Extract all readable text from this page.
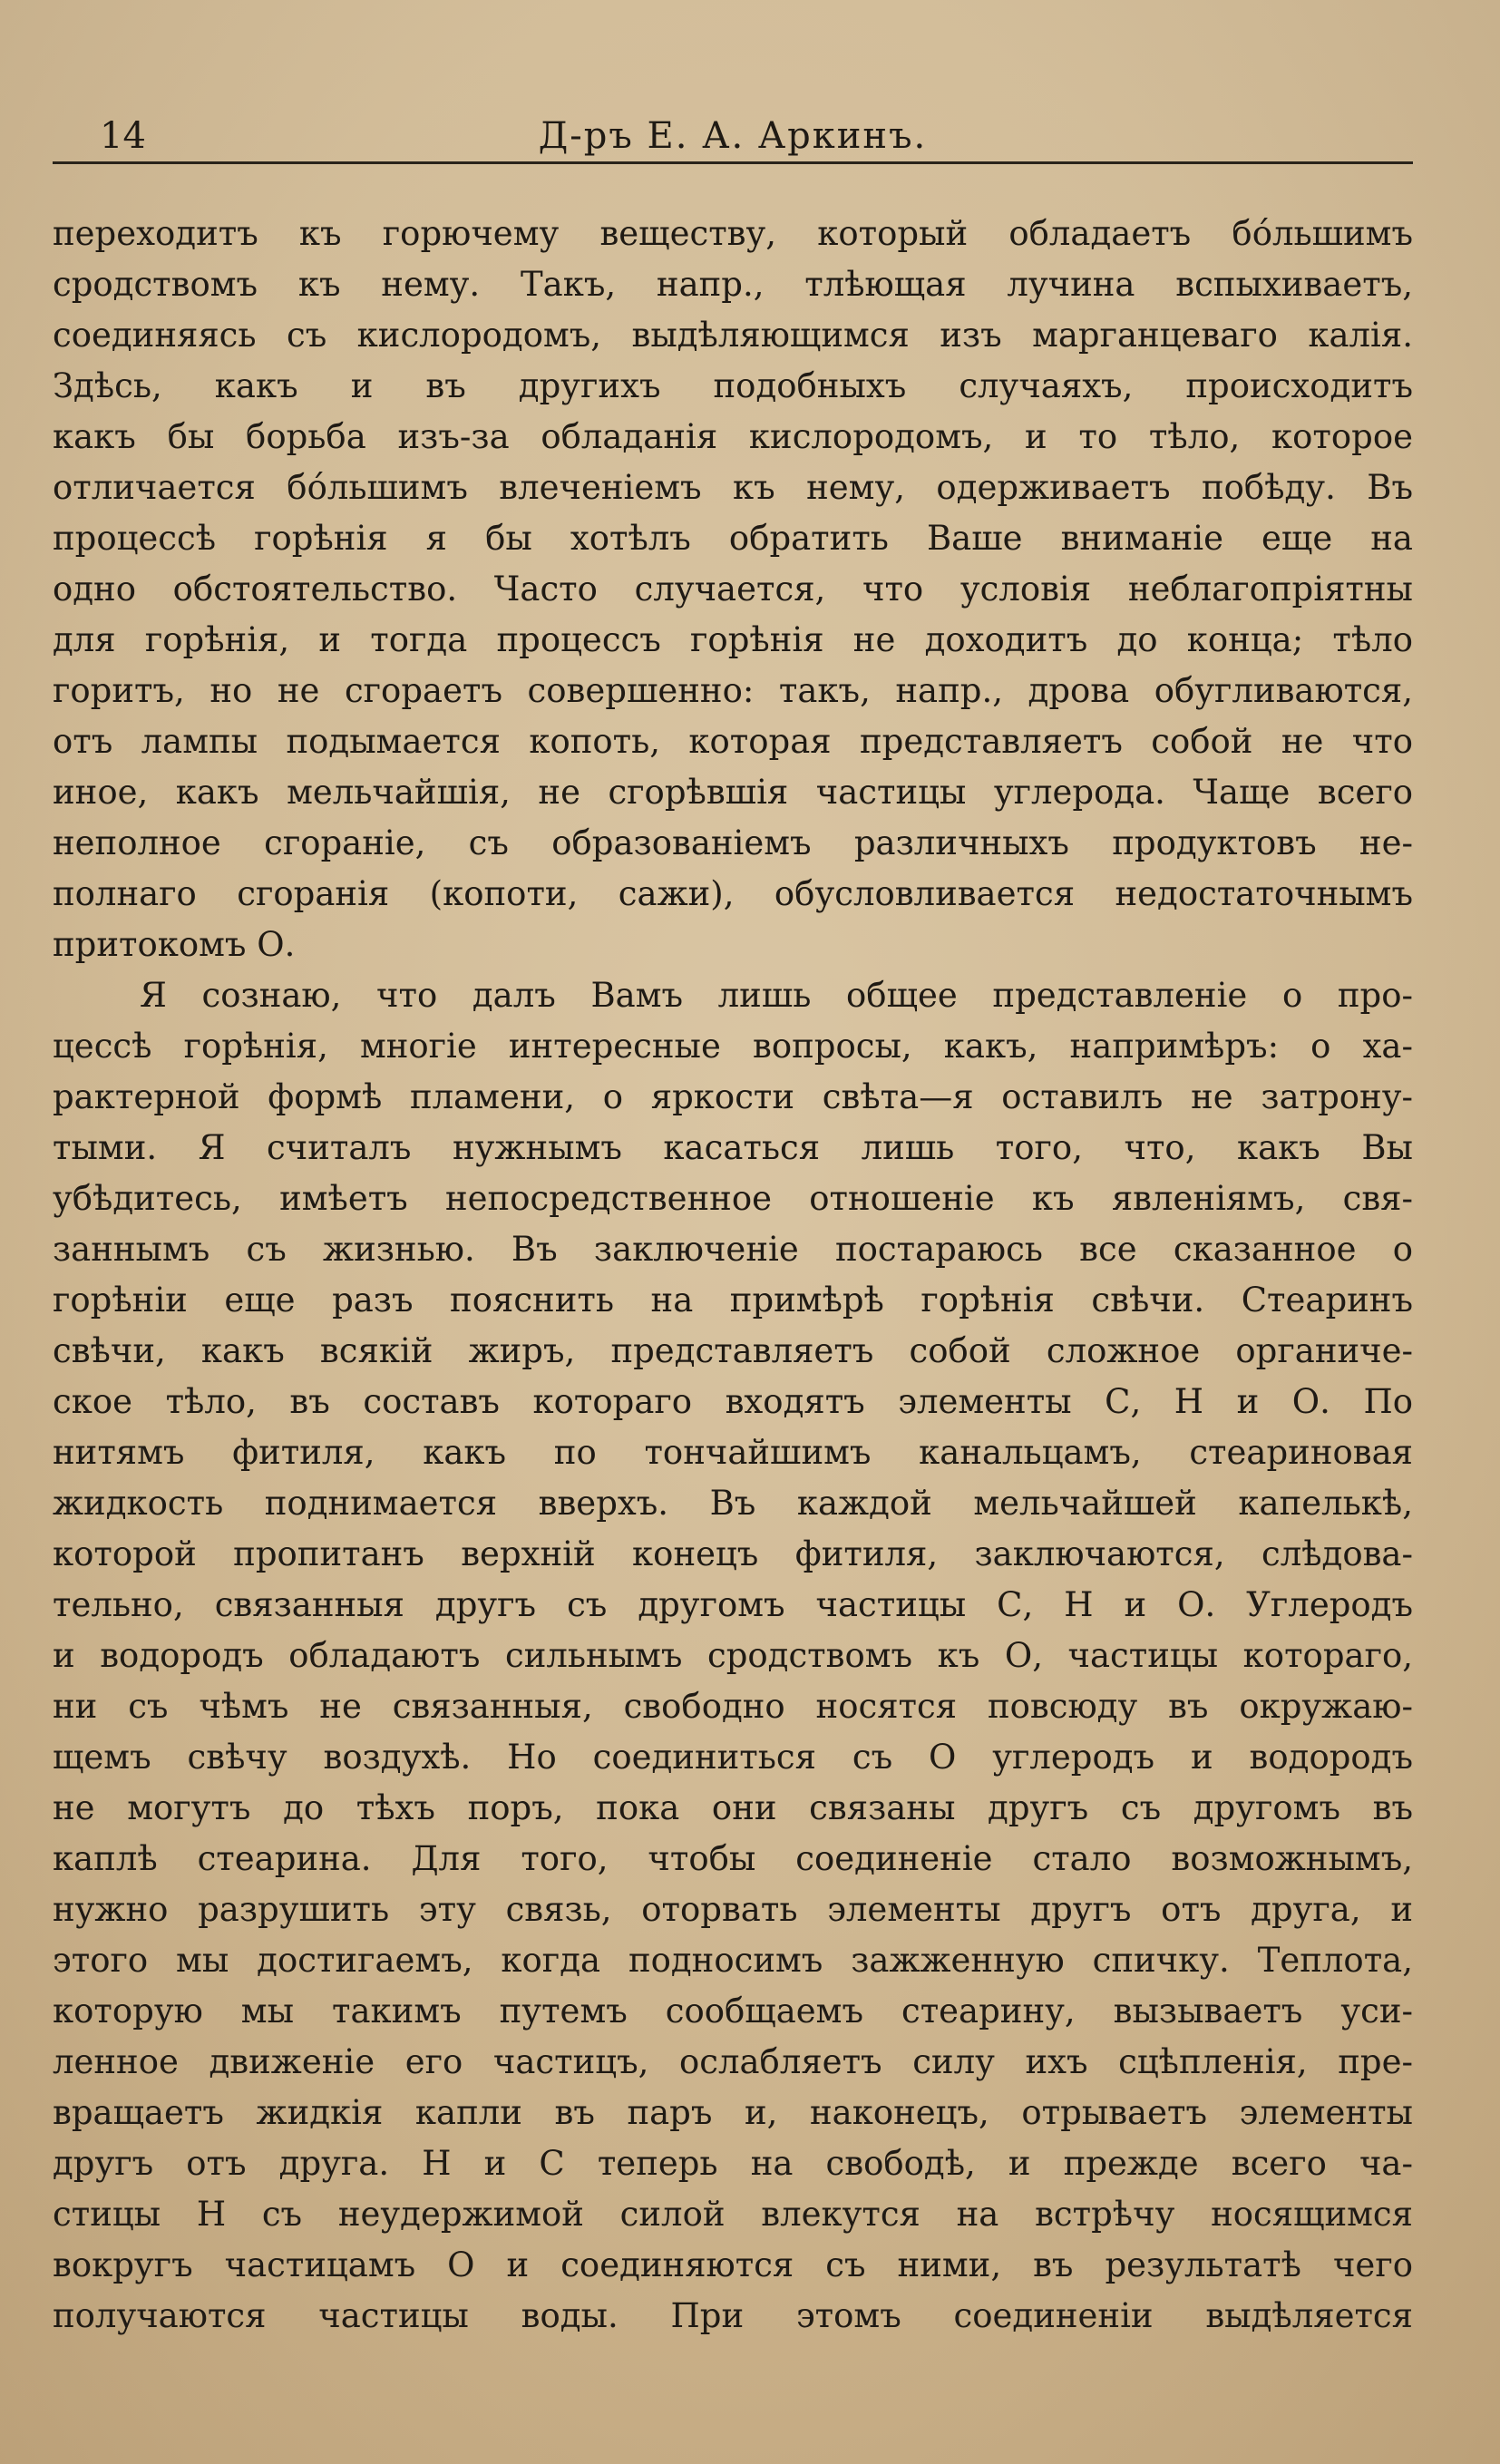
14	Д-ръ Е. А. Аркинъ.
переходитъ къ горючему веществу, который обладаетъ бо́льшимъ
сродствомъ къ нему. Такъ, напр., тлѣющая лучина вспыхиваетъ,
соединяясь съ кислородомъ, выдѣляющимся изъ марганцеваго калія.
Здѣсь, какъ и въ другихъ подобныхъ случаяхъ, происходитъ
какъ бы борьба изъ-за обладанія кислородомъ, и то тѣло, которое
отличается бо́льшимъ влеченіемъ къ нему, одерживаетъ побѣду. Въ
процессѣ горѣнія я бы хотѣлъ обратить Ваше вниманіе еще на
одно обстоятельство. Часто случается, что условія неблагопріятны
для горѣнія, и тогда процессъ горѣнія не доходитъ до конца; тѣло
горитъ, но не сгораетъ совершенно: такъ, напр., дрова обугливаются,
отъ лампы подымается копоть, которая представляетъ собой не что
иное, какъ мельчайшія, не сгорѣвшія частицы углерода. Чаще всего
неполное сгораніе, съ образованіемъ различныхъ продуктовъ не-
полнаго сгоранія (копоти, сажи), обусловливается недостаточнымъ
притокомъ О.
Я сознаю, что далъ Вамъ лишь общее представленіе о про-
цессѣ горѣнія, многіе интересные вопросы, какъ, напримѣръ: о ха-
рактерной формѣ пламени, о яркости свѣта—я оставилъ не затрону-
тыми. Я считалъ нужнымъ касаться лишь того, что, какъ Вы
убѣдитесь, имѣетъ непосредственное отношеніе къ явленіямъ, свя-
заннымъ съ жизнью. Въ заключеніе постараюсь все сказанное о
горѣніи еще разъ пояснить на примѣрѣ горѣнія свѣчи. Стеаринъ
свѣчи, какъ всякій жиръ, представляетъ собой сложное органиче-
ское тѣло, въ составъ котораго входятъ элементы С, Н и О. По
нитямъ фитиля, какъ по тончайшимъ канальцамъ, стеариновая
жидкость поднимается вверхъ. Въ каждой мельчайшей капелькѣ,
которой пропитанъ верхній конецъ фитиля, заключаются, слѣдова-
тельно, связанныя другъ съ другомъ частицы С, Н и О. Углеродъ
и водородъ обладаютъ сильнымъ сродствомъ къ О, частицы котораго,
ни съ чѣмъ не связанныя, свободно носятся повсюду въ окружаю-
щемъ свѣчу воздухѣ. Но соединиться съ О углеродъ и водородъ
не могутъ до тѣхъ поръ, пока они связаны другъ съ другомъ въ
каплѣ стеарина. Для того, чтобы соединеніе стало возможнымъ,
нужно разрушить эту связь, оторвать элементы другъ отъ друга, и
этого мы достигаемъ, когда подносимъ зажженную спичку. Теплота,
которую мы такимъ путемъ сообщаемъ стеарину, вызываетъ уси-
ленное движеніе его частицъ, ослабляетъ силу ихъ сцѣпленія, пре-
вращаетъ жидкія капли въ паръ и, наконецъ, отрываетъ элементы
другъ отъ друга. Н и С теперь на свободѣ, и прежде всего ча-
стицы Н съ неудержимой силой влекутся на встрѣчу носящимся
вокругъ частицамъ О и соединяются съ ними, въ результатѣ чего
получаются частицы воды. При этомъ соединеніи выдѣляется
